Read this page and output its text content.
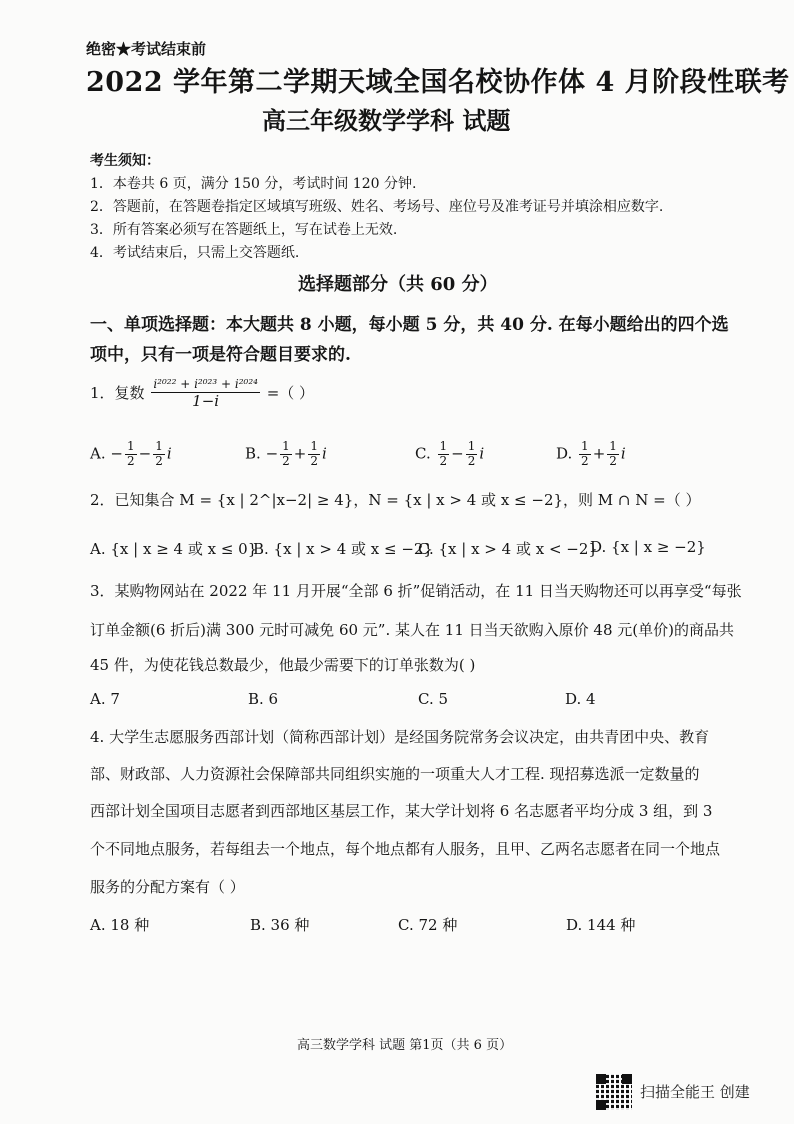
绝密★考试结束前
2022 学年第二学期天域全国名校协作体 4 月阶段性联考
高三年级数学学科 试题
考生须知：
1．本卷共 6 页，满分 150 分，考试时间 120 分钟.
2．答题前，在答题卷指定区域填写班级、姓名、考场号、座位号及准考证号并填涂相应数字.
3．所有答案必须写在答题纸上，写在试卷上无效.
4．考试结束后，只需上交答题纸.
选择题部分（共 60 分）
一、单项选择题：本大题共 8 小题，每小题 5 分，共 40 分. 在每小题给出的四个选
项中，只有一项是符合题目要求的.
1．复数 $\frac{\text{i²⁰²² + i²⁰²³ + i²⁰²⁴}}{1-i}$ =（ ）
A. − $\frac{1}{2} - \frac{1}{2}$ i	B. − $\frac{1}{2} + \frac{1}{2}$ i	C. $\frac{1}{2} - \frac{1}{2}$ i	D. $\frac{1}{2} + \frac{1}{2}$ i
2．已知集合 M = {x | 2^|x−2| ≥ 4}，N = {x | x > 4 或 x ≤ −2}，则 M ∩ N =（ ）
A. {x | x ≥ 4 或 x ≤ 0}
B. {x | x > 4 或 x ≤ −2}
C. {x | x > 4 或 x < −2}
D. {x | x ≥ −2}
3．某购物网站在 2022 年 11 月开展“全部 6 折”促销活动，在 11 日当天购物还可以再享受“每张
订单金额(6 折后)满 300 元时可减免 60 元”. 某人在 11 日当天欲购入原价 48 元(单价)的商品共
45 件，为使花钱总数最少，他最少需要下的订单张数为( )
A. 7	B. 6	C. 5	D. 4
4. 大学生志愿服务西部计划（简称西部计划）是经国务院常务会议决定，由共青团中央、教育
部、财政部、人力资源社会保障部共同组织实施的一项重大人才工程. 现招募选派一定数量的
西部计划全国项目志愿者到西部地区基层工作，某大学计划将 6 名志愿者平均分成 3 组，到 3
个不同地点服务，若每组去一个地点，每个地点都有人服务，且甲、乙两名志愿者在同一个地点
服务的分配方案有（ ）
A. 18 种	B. 36 种	C. 72 种	D. 144 种
高三数学学科 试题 第1页（共 6 页）
扫描全能王 创建
